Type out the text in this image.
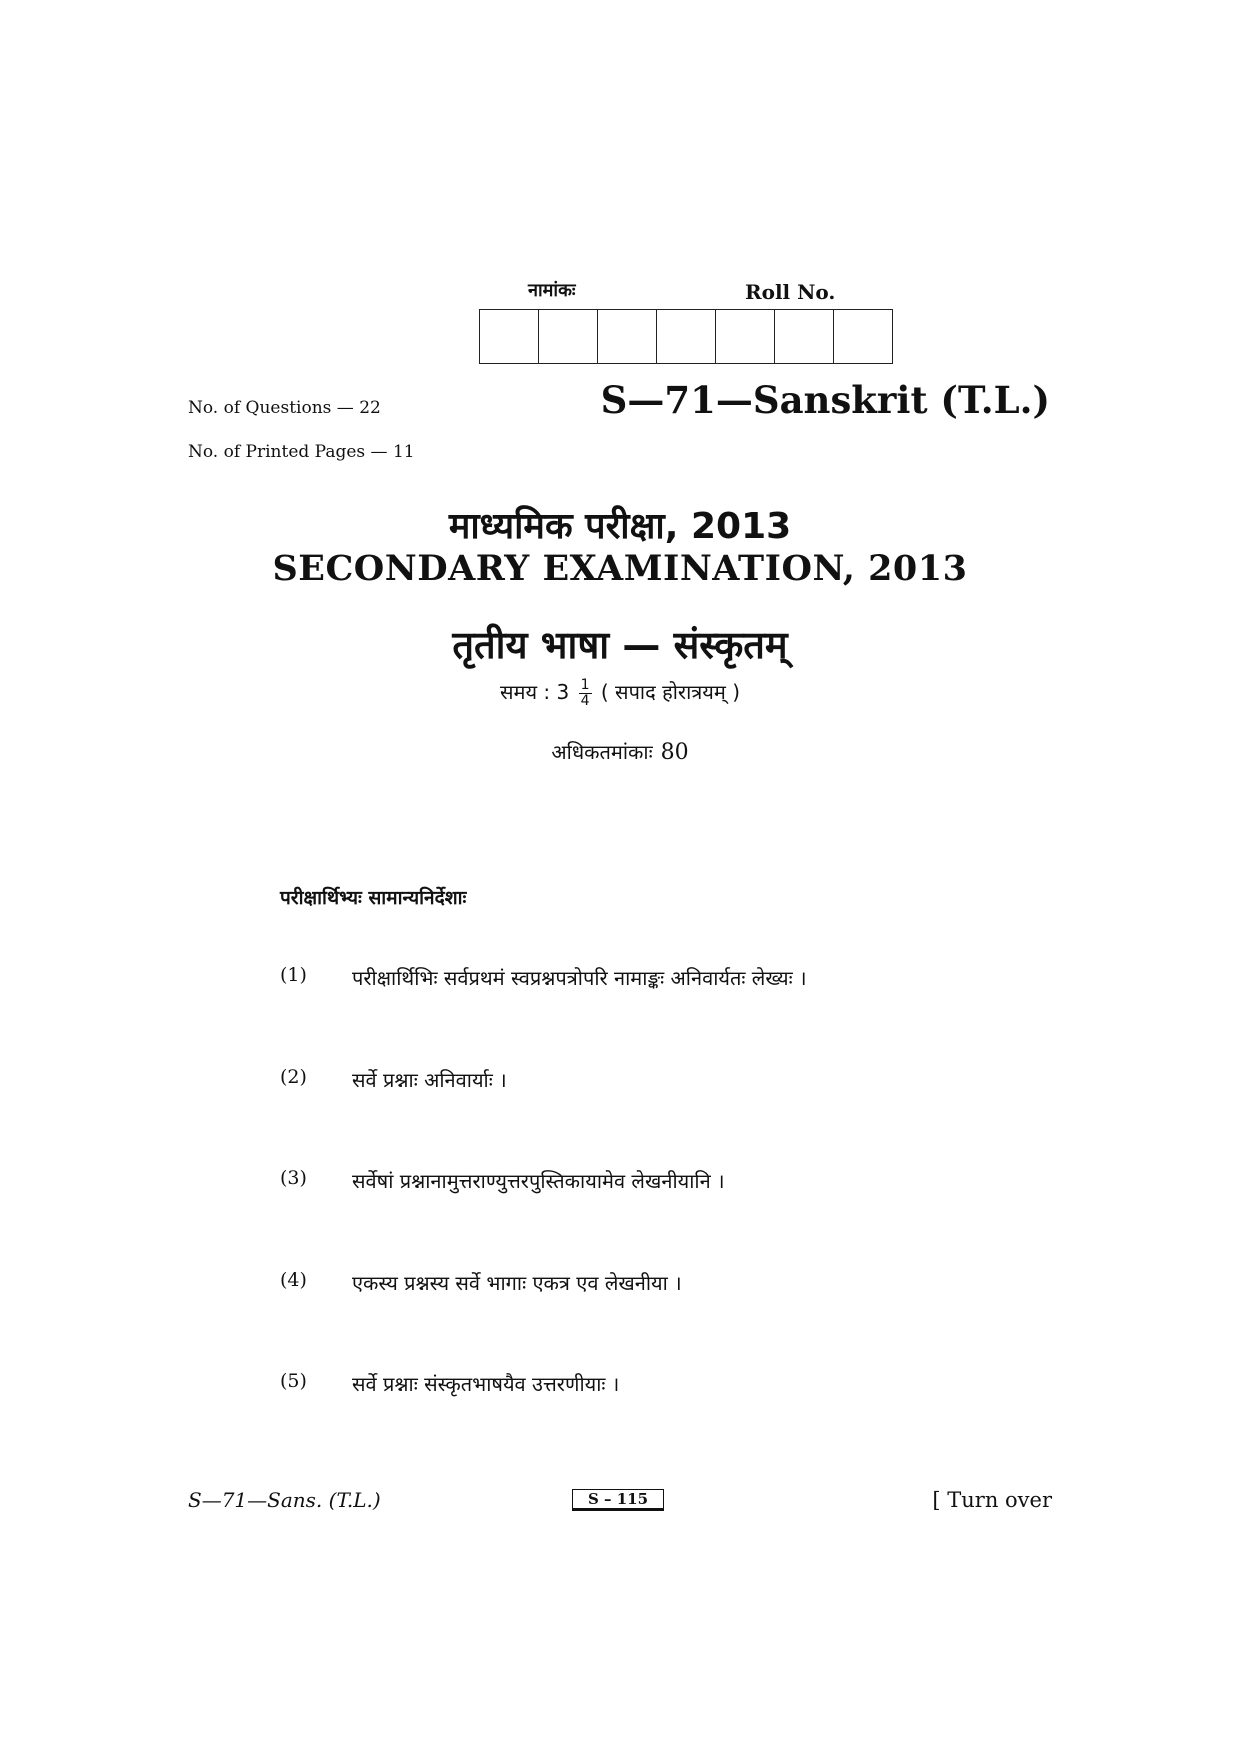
नामांकः	Roll No.
No. of Questions — 22
No. of Printed Pages — 11
S—71—Sanskrit (T.L.)
माध्यमिक परीक्षा, 2013
SECONDARY EXAMINATION, 2013
तृतीय भाषा — संस्कृतम्
समय : $3 \frac{1}{4}$ ( सपाद होरात्रयम् )
अधिकतमांकाः 80
परीक्षार्थिभ्यः सामान्यनिर्देशाः
(1)	परीक्षार्थिभिः सर्वप्रथमं स्वप्रश्नपत्रोपरि नामाङ्कः अनिवार्यतः लेख्यः ।
(2)	सर्वे प्रश्नाः अनिवार्याः ।
(3)	सर्वेषां प्रश्नानामुत्तराण्युत्तरपुस्तिकायामेव लेखनीयानि ।
(4)	एकस्य प्रश्नस्य सर्वे भागाः एकत्र एव लेखनीया ।
(5)	सर्वे प्रश्नाः संस्कृतभाषयैव उत्तरणीयाः ।
S—71—Sans. (T.L.)	S – 115	[ Turn over
